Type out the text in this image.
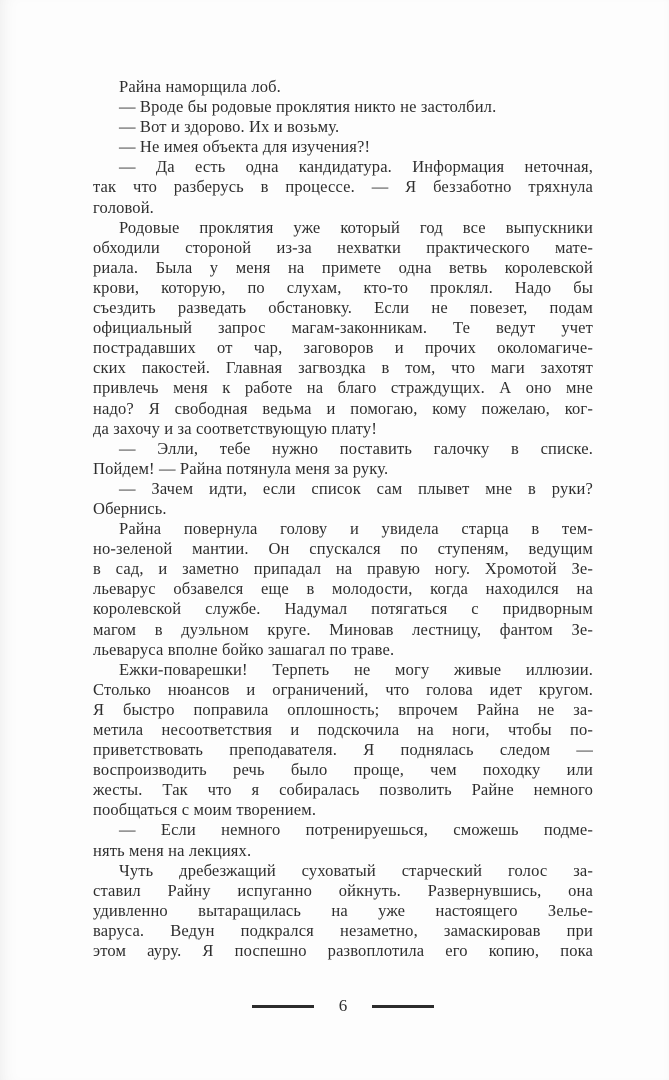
Райна наморщила лоб.
— Вроде бы родовые проклятия никто не застолбил.
— Вот и здорово. Их и возьму.
— Не имея объекта для изучения?!
— Да есть одна кандидатура. Информация неточная,
так что разберусь в процессе. — Я беззаботно тряхнула
головой.
Родовые проклятия уже который год все выпускники
обходили стороной из-за нехватки практического мате-
риала. Была у меня на примете одна ветвь королевской
крови, которую, по слухам, кто-то проклял. Надо бы
съездить разведать обстановку. Если не повезет, подам
официальный запрос магам-законникам. Те ведут учет
пострадавших от чар, заговоров и прочих околомагиче-
ских пакостей. Главная загвоздка в том, что маги захотят
привлечь меня к работе на благо страждущих. А оно мне
надо? Я свободная ведьма и помогаю, кому пожелаю, ког-
да захочу и за соответствующую плату!
— Элли, тебе нужно поставить галочку в списке.
Пойдем! — Райна потянула меня за руку.
— Зачем идти, если список сам плывет мне в руки?
Обернись.
Райна повернула голову и увидела старца в тем-
но-зеленой мантии. Он спускался по ступеням, ведущим
в сад, и заметно припадал на правую ногу. Хромотой Зе-
льеварус обзавелся еще в молодости, когда находился на
королевской службе. Надумал потягаться с придворным
магом в дуэльном круге. Миновав лестницу, фантом Зе-
льеваруса вполне бойко зашагал по траве.
Ежки-поварешки! Терпеть не могу живые иллюзии.
Столько нюансов и ограничений, что голова идет кругом.
Я быстро поправила оплошность; впрочем Райна не за-
метила несоответствия и подскочила на ноги, чтобы по-
приветствовать преподавателя. Я поднялась следом —
воспроизводить речь было проще, чем походку или
жесты. Так что я собиралась позволить Райне немного
пообщаться с моим творением.
— Если немного потренируешься, сможешь подме-
нять меня на лекциях.
Чуть дребезжащий суховатый старческий голос за-
ставил Райну испуганно ойкнуть. Развернувшись, она
удивленно вытаращилась на уже настоящего Зелье-
варуса. Ведун подкрался незаметно, замаскировав при
этом ауру. Я поспешно развоплотила его копию, пока
6
